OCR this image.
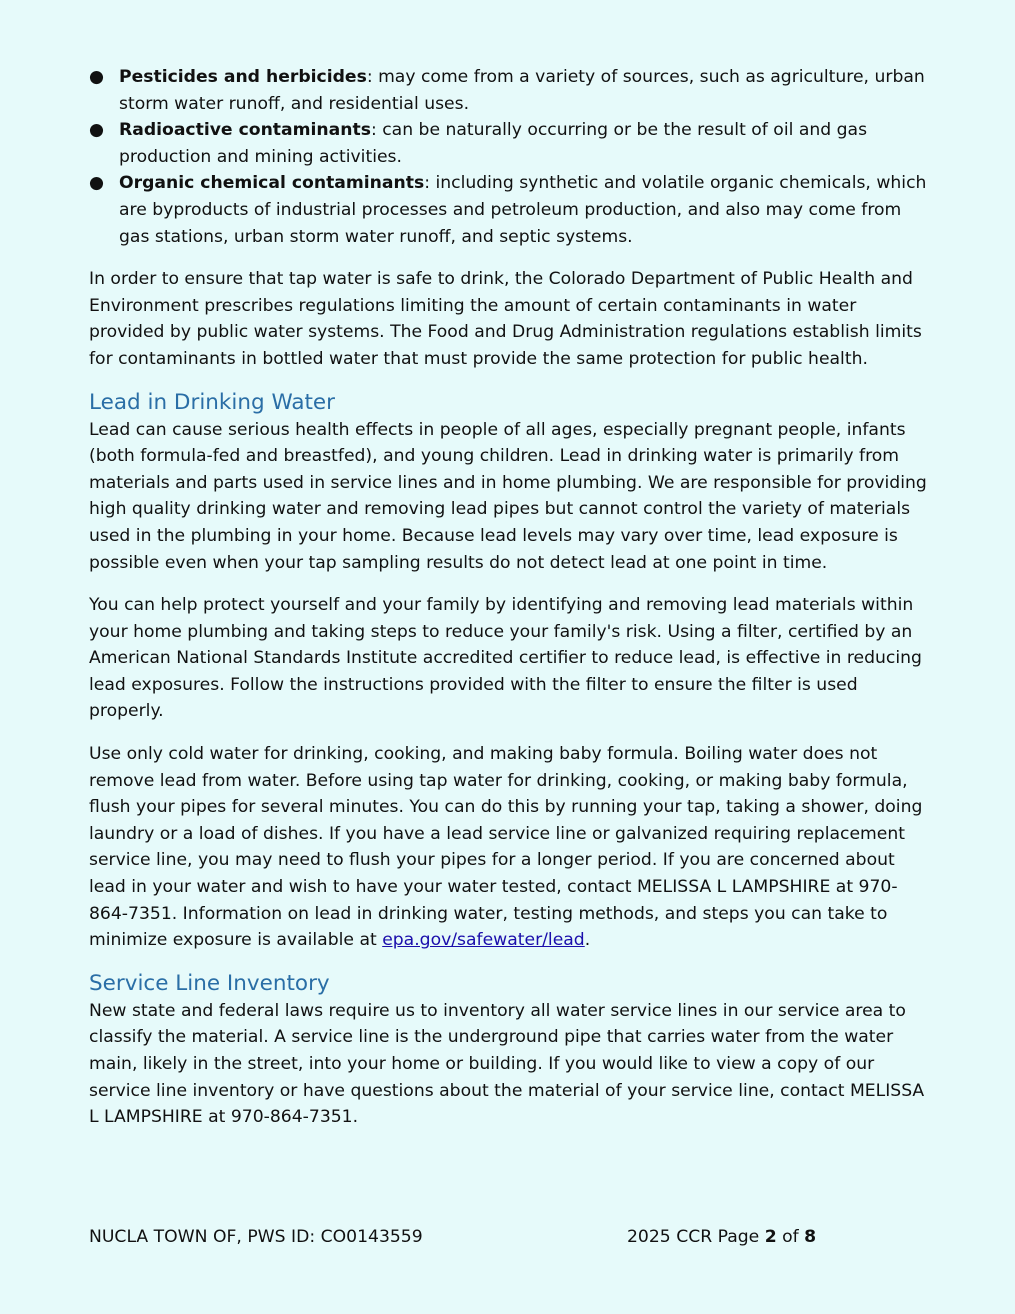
● Pesticides and herbicides: may come from a variety of sources, such as agriculture, urban storm water runoff, and residential uses.
● Radioactive contaminants: can be naturally occurring or be the result of oil and gas production and mining activities.
● Organic chemical contaminants: including synthetic and volatile organic chemicals, which are byproducts of industrial processes and petroleum production, and also may come from gas stations, urban storm water runoff, and septic systems.

In order to ensure that tap water is safe to drink, the Colorado Department of Public Health and Environment prescribes regulations limiting the amount of certain contaminants in water provided by public water systems. The Food and Drug Administration regulations establish limits for contaminants in bottled water that must provide the same protection for public health.

Lead in Drinking Water

Lead can cause serious health effects in people of all ages, especially pregnant people, infants (both formula-fed and breastfed), and young children. Lead in drinking water is primarily from materials and parts used in service lines and in home plumbing. We are responsible for providing high quality drinking water and removing lead pipes but cannot control the variety of materials used in the plumbing in your home. Because lead levels may vary over time, lead exposure is possible even when your tap sampling results do not detect lead at one point in time.

You can help protect yourself and your family by identifying and removing lead materials within your home plumbing and taking steps to reduce your family's risk. Using a filter, certified by an American National Standards Institute accredited certifier to reduce lead, is effective in reducing lead exposures. Follow the instructions provided with the filter to ensure the filter is used properly.

Use only cold water for drinking, cooking, and making baby formula. Boiling water does not remove lead from water. Before using tap water for drinking, cooking, or making baby formula, flush your pipes for several minutes. You can do this by running your tap, taking a shower, doing laundry or a load of dishes. If you have a lead service line or galvanized requiring replacement service line, you may need to flush your pipes for a longer period. If you are concerned about lead in your water and wish to have your water tested, contact MELISSA L LAMPSHIRE at 970-864-7351. Information on lead in drinking water, testing methods, and steps you can take to minimize exposure is available at epa.gov/safewater/lead.

Service Line Inventory

New state and federal laws require us to inventory all water service lines in our service area to classify the material. A service line is the underground pipe that carries water from the water main, likely in the street, into your home or building. If you would like to view a copy of our service line inventory or have questions about the material of your service line, contact MELISSA L LAMPSHIRE at 970-864-7351.

NUCLA TOWN OF, PWS ID: CO0143559	2025 CCR Page 2 of 8
